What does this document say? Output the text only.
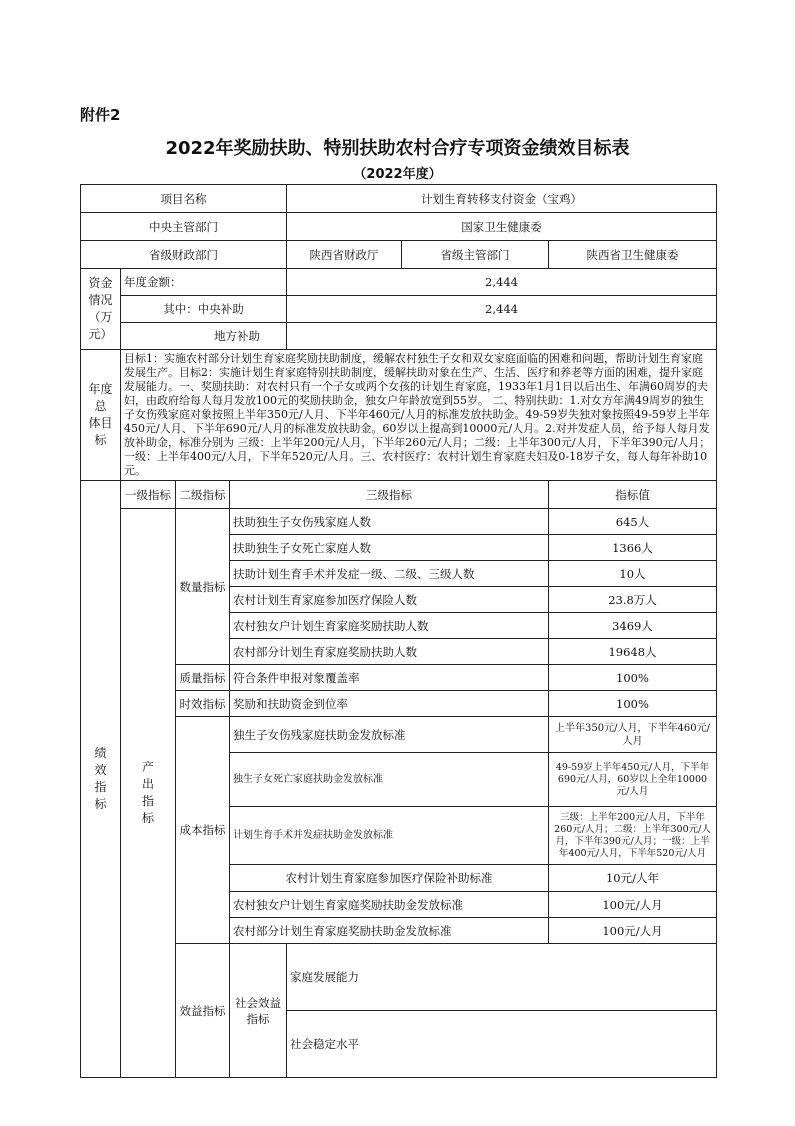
附件2
2022年奖励扶助、特别扶助农村合疗专项资金绩效目标表
（2022年度）
项目名称				计划生育转移支付资金（宝鸡）			
中央主管部门				国家卫生健康委			
省级财政部门				陕西省财政厅	省级主管部门	陕西省卫生健康委	

资金
情况
（万
元）	年度金额：			2,444			
	其中：中央补助			2,444			
	地方补助						

年度总
体目标	目标1：实施农村部分计划生育家庭奖励扶助制度，缓解农村独生子女和双女家庭面临的困难和问题，帮助计划生育家庭发展生产。目标2：实施计划生育家庭特别扶助制度，缓解扶助对象在生产、生活、医疗和养老等方面的困难，提升家庭发展能力。一、奖励扶助：对农村只有一个子女或两个女孩的计划生育家庭，1933年1月1日以后出生、年满60周岁的夫妇，由政府给每人每月发放100元的奖励扶助金，独女户年龄放宽到55岁。 二、特别扶助：1.对女方年满49周岁的独生子女伤残家庭对象按照上半年350元/人月、下半年460元/人月的标准发放扶助金。49-59岁失独对象按照49-59岁上半年450元/人月、下半年690元/人月的标准发放扶助金。60岁以上提高到10000元/人月。2.对并发症人员，给予每人每月发放补助金，标准分别为 三级：上半年200元/人月，下半年260元/人月；二级：上半年300元/人月，下半年390元/人月；一级：上半年400元/人月，下半年520元/人月。三、农村医疗：农村计划生育家庭夫妇及0-18岁子女，每人每年补助10元。						

绩
效
指
标	一级指标	二级指标	三级指标			指标值	

	产
出
指
标	数量指标	扶助独生子女伤残家庭人数			645人	
			扶助独生子女死亡家庭人数			1366人	
			扶助计划生育手术并发症一级、二级、三级人数			10人	
			农村计划生育家庭参加医疗保险人数			23.8万人	
			农村独女户计划生育家庭奖励扶助人数			3469人	
			农村部分计划生育家庭奖励扶助人数			19648人	
		质量指标	符合条件申报对象覆盖率			100%	
		时效指标	奖励和扶助资金到位率			100%	
		成本指标	独生子女伤残家庭扶助金发放标准			上半年350元/人月，下半年460元/人月	
			独生子女死亡家庭扶助金发放标准			49-59岁上半年450元/人月，下半年690元/人月，60岁以上全年10000元/人月	
			计划生育手术并发症扶助金发放标准			三级：上半年200元/人月，下半年260元/人月；二级：上半年300元/人月，下半年390元/人月；一级：上半年400元/人月，下半年520元/人月	
			农村计划生育家庭参加医疗保险补助标准			10元/人年	
			农村独女户计划生育家庭奖励扶助金发放标准			100元/人月	
			农村部分计划生育家庭奖励扶助金发放标准			100元/人月	
		效益指标	社会效益指标	家庭发展能力	
				社会稳定水平	
